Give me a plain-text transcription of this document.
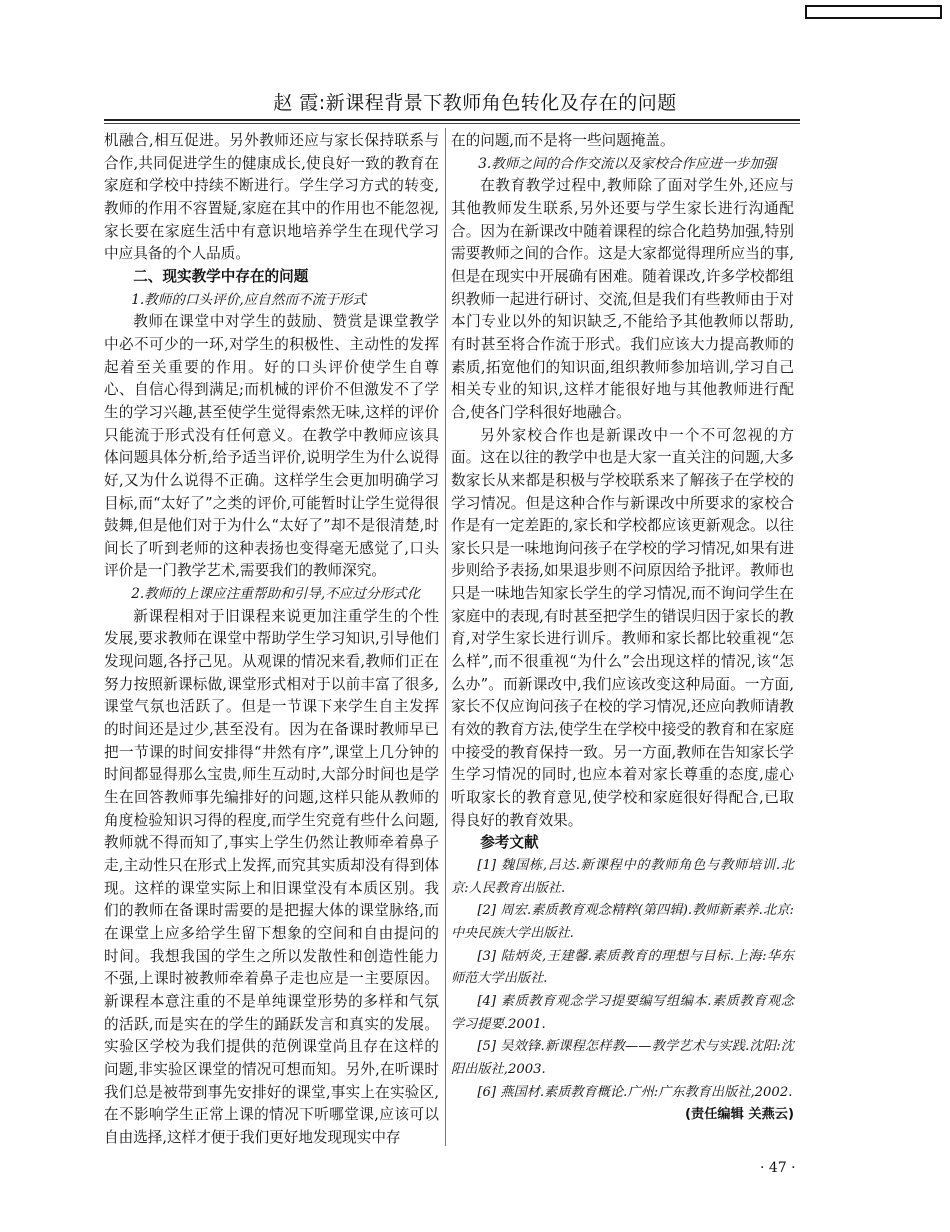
赵 霞:新课程背景下教师角色转化及存在的问题

机融合,相互促进。另外教师还应与家长保持联系与合作,共同促进学生的健康成长,使良好一致的教育在家庭和学校中持续不断进行。学生学习方式的转变,教师的作用不容置疑,家庭在其中的作用也不能忽视,家长要在家庭生活中有意识地培养学生在现代学习中应具备的个人品质。

二、现实教学中存在的问题

1.教师的口头评价,应自然而不流于形式

教师在课堂中对学生的鼓励、赞赏是课堂教学中必不可少的一环,对学生的积极性、主动性的发挥起着至关重要的作用。好的口头评价使学生自尊心、自信心得到满足;而机械的评价不但激发不了学生的学习兴趣,甚至使学生觉得索然无味,这样的评价只能流于形式没有任何意义。在教学中教师应该具体问题具体分析,给予适当评价,说明学生为什么说得好,又为什么说得不正确。这样学生会更加明确学习目标,而“太好了”之类的评价,可能暂时让学生觉得很鼓舞,但是他们对于为什么“太好了”却不是很清楚,时间长了听到老师的这种表扬也变得毫无感觉了,口头评价是一门教学艺术,需要我们的教师深究。

2.教师的上课应注重帮助和引导,不应过分形式化

新课程相对于旧课程来说更加注重学生的个性发展,要求教师在课堂中帮助学生学习知识,引导他们发现问题,各抒己见。从观课的情况来看,教师们正在努力按照新课标做,课堂形式相对于以前丰富了很多,课堂气氛也活跃了。但是一节课下来学生自主发挥的时间还是过少,甚至没有。因为在备课时教师早已把一节课的时间安排得“井然有序”,课堂上几分钟的时间都显得那么宝贵,师生互动时,大部分时间也是学生在回答教师事先编排好的问题,这样只能从教师的角度检验知识习得的程度,而学生究竟有些什么问题,教师就不得而知了,事实上学生仍然让教师牵着鼻子走,主动性只在形式上发挥,而究其实质却没有得到体现。这样的课堂实际上和旧课堂没有本质区别。我们的教师在备课时需要的是把握大体的课堂脉络,而在课堂上应多给学生留下想象的空间和自由提问的时间。我想我国的学生之所以发散性和创造性能力不强,上课时被教师牵着鼻子走也应是一主要原因。新课程本意注重的不是单纯课堂形势的多样和气氛的活跃,而是实在的学生的踊跃发言和真实的发展。实验区学校为我们提供的范例课堂尚且存在这样的问题,非实验区课堂的情况可想而知。另外,在听课时我们总是被带到事先安排好的课堂,事实上在实验区,在不影响学生正常上课的情况下听哪堂课,应该可以自由选择,这样才便于我们更好地发现现实中存

在的问题,而不是将一些问题掩盖。

3.教师之间的合作交流以及家校合作应进一步加强

在教育教学过程中,教师除了面对学生外,还应与其他教师发生联系,另外还要与学生家长进行沟通配合。因为在新课改中随着课程的综合化趋势加强,特别需要教师之间的合作。这是大家都觉得理所应当的事,但是在现实中开展确有困难。随着课改,许多学校都组织教师一起进行研讨、交流,但是我们有些教师由于对本门专业以外的知识缺乏,不能给予其他教师以帮助,有时甚至将合作流于形式。我们应该大力提高教师的素质,拓宽他们的知识面,组织教师参加培训,学习自己相关专业的知识,这样才能很好地与其他教师进行配合,使各门学科很好地融合。

另外家校合作也是新课改中一个不可忽视的方面。这在以往的教学中也是大家一直关注的问题,大多数家长从来都是积极与学校联系来了解孩子在学校的学习情况。但是这种合作与新课改中所要求的家校合作是有一定差距的,家长和学校都应该更新观念。以往家长只是一味地询问孩子在学校的学习情况,如果有进步则给予表扬,如果退步则不问原因给予批评。教师也只是一味地告知家长学生的学习情况,而不询问学生在家庭中的表现,有时甚至把学生的错误归因于家长的教育,对学生家长进行训斥。教师和家长都比较重视“怎么样”,而不很重视“为什么”会出现这样的情况,该“怎么办”。而新课改中,我们应该改变这种局面。一方面,家长不仅应询问孩子在校的学习情况,还应向教师请教有效的教育方法,使学生在学校中接受的教育和在家庭中接受的教育保持一致。另一方面,教师在告知家长学生学习情况的同时,也应本着对家长尊重的态度,虚心听取家长的教育意见,使学校和家庭很好得配合,已取得良好的教育效果。

参考文献

[1] 魏国栋,吕达.新课程中的教师角色与教师培训.北京:人民教育出版社.

[2] 周宏.素质教育观念精粹(第四辑).教师新素养.北京:中央民族大学出版社.

[3] 陆炳炎,王建馨.素质教育的理想与目标.上海:华东师范大学出版社.

[4] 素质教育观念学习提要编写组编本.素质教育观念学习提要.2001.

[5] 吴效锋.新课程怎样教——教学艺术与实践.沈阳:沈阳出版社,2003.

[6] 燕国材.素质教育概论.广州:广东教育出版社,2002.
(责任编辑 关燕云)

· 47 ·
